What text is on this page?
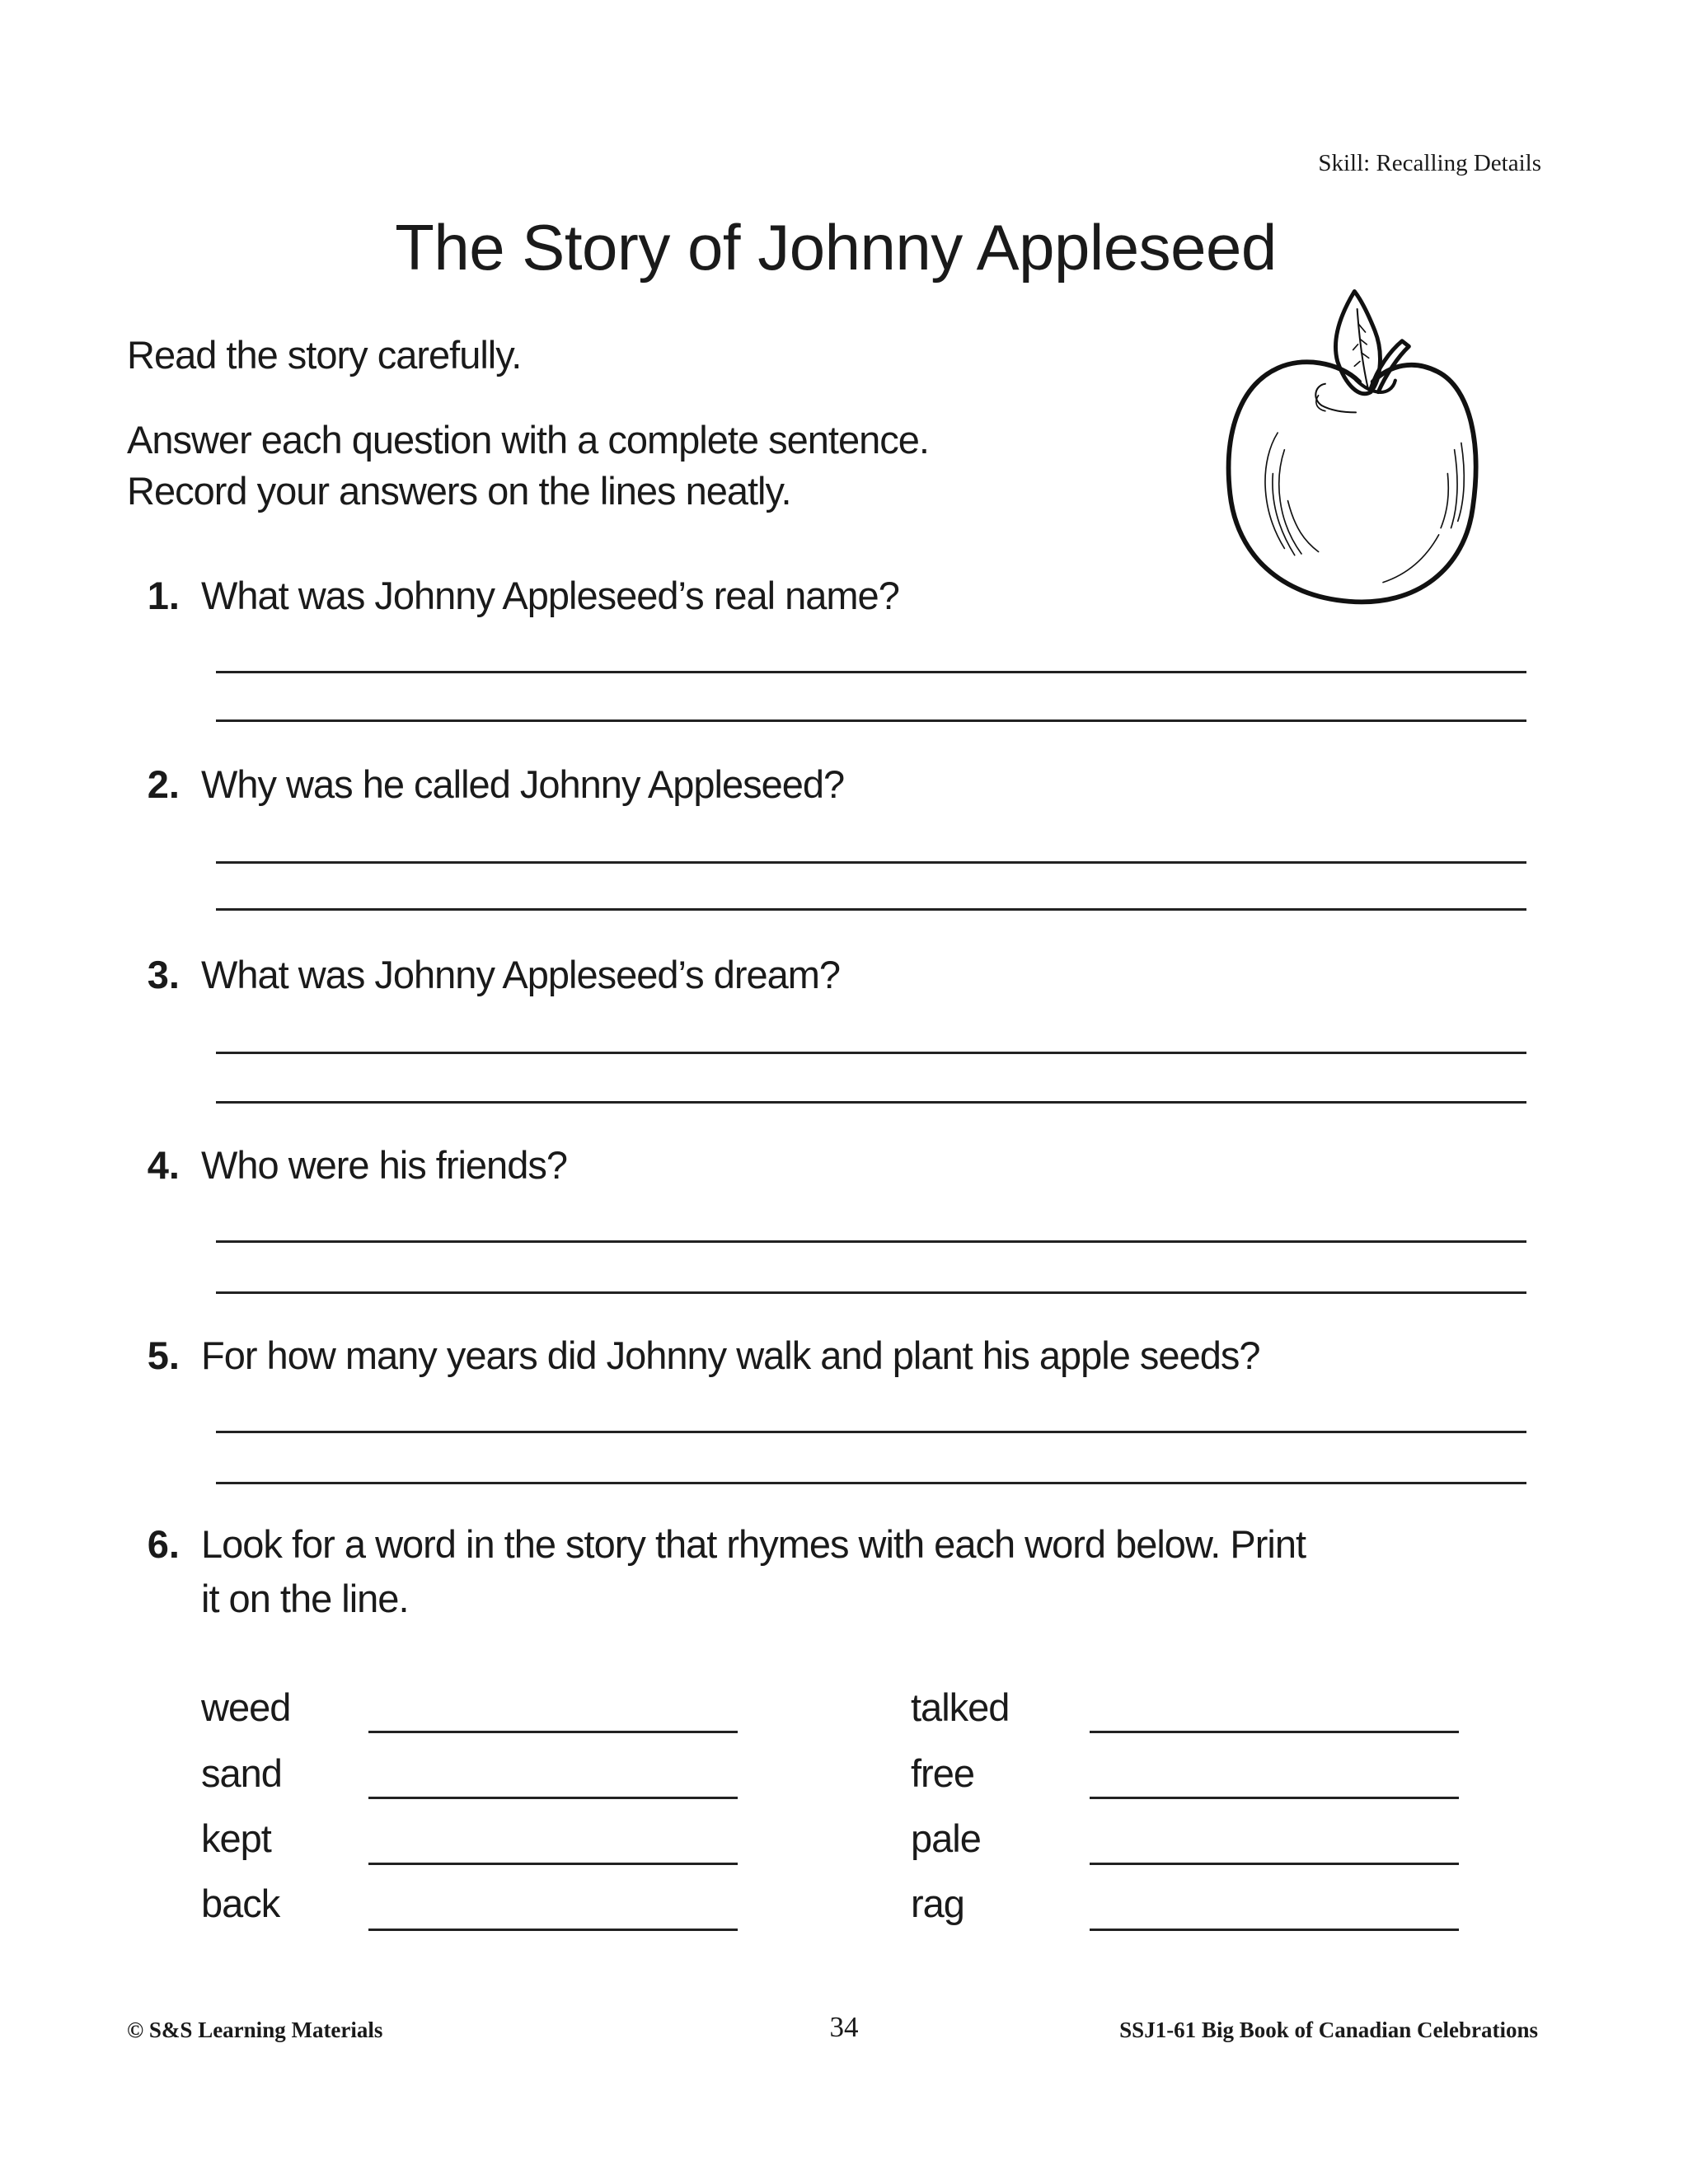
Skill: Recalling Details
The Story of Johnny Appleseed
Read the story carefully.
Answer each question with a complete sentence.
Record your answers on the lines neatly.
1. What was Johnny Appleseed’s real name?
2. Why was he called Johnny Appleseed?
3. What was Johnny Appleseed’s dream?
4. Who were his friends?
5. For how many years did Johnny walk and plant his apple seeds?
6. Look for a word in the story that rhymes with each word below. Print
it on the line.
weed
sand
kept
back
talked
free
pale
rag
© S&S Learning Materials	34	SSJ1-61 Big Book of Canadian Celebrations
